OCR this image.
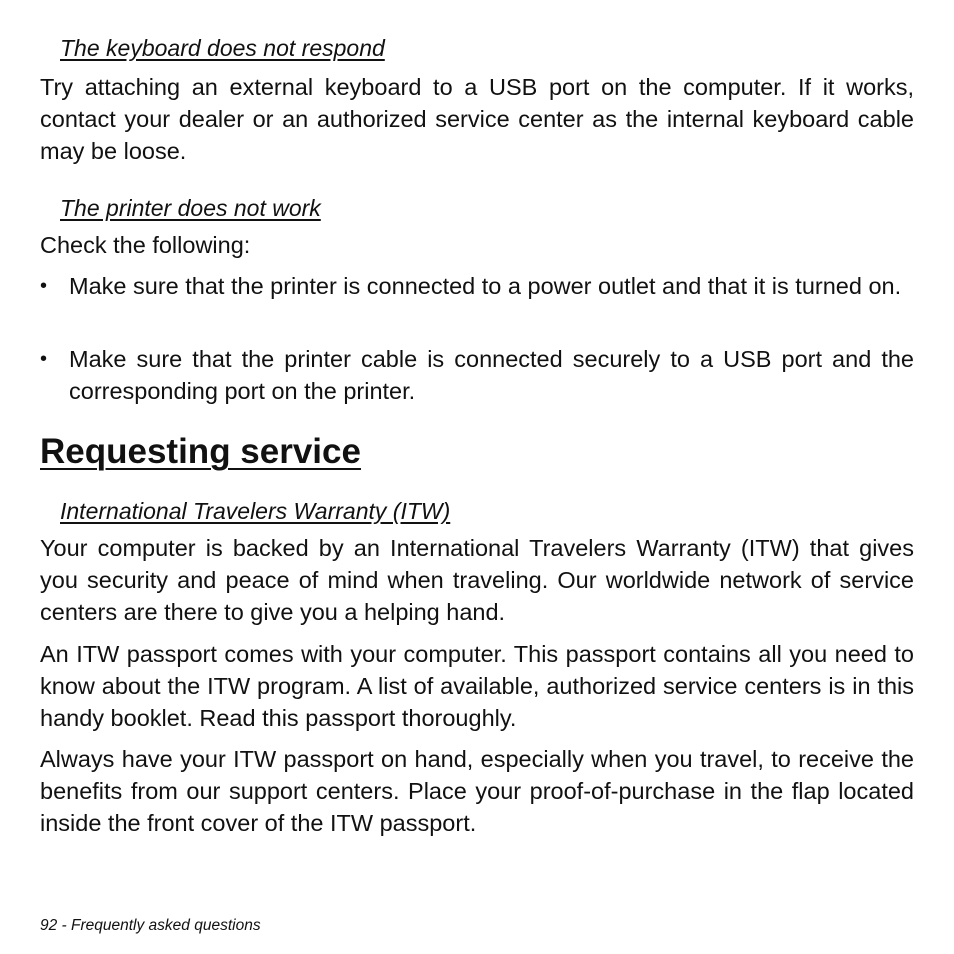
The keyboard does not respond
Try attaching an external keyboard to a USB port on the computer. If it works, contact your dealer or an authorized service center as the internal keyboard cable may be loose.
The printer does not work
Check the following:
• Make sure that the printer is connected to a power outlet and that it is turned on.
• Make sure that the printer cable is connected securely to a USB port and the corresponding port on the printer.
Requesting service
International Travelers Warranty (ITW)
Your computer is backed by an International Travelers Warranty (ITW) that gives you security and peace of mind when traveling. Our worldwide network of service centers are there to give you a helping hand.
An ITW passport comes with your computer. This passport contains all you need to know about the ITW program. A list of available, authorized service centers is in this handy booklet. Read this passport thoroughly.
Always have your ITW passport on hand, especially when you travel, to receive the benefits from our support centers. Place your proof-of-purchase in the flap located inside the front cover of the ITW passport.
92 - Frequently asked questions
